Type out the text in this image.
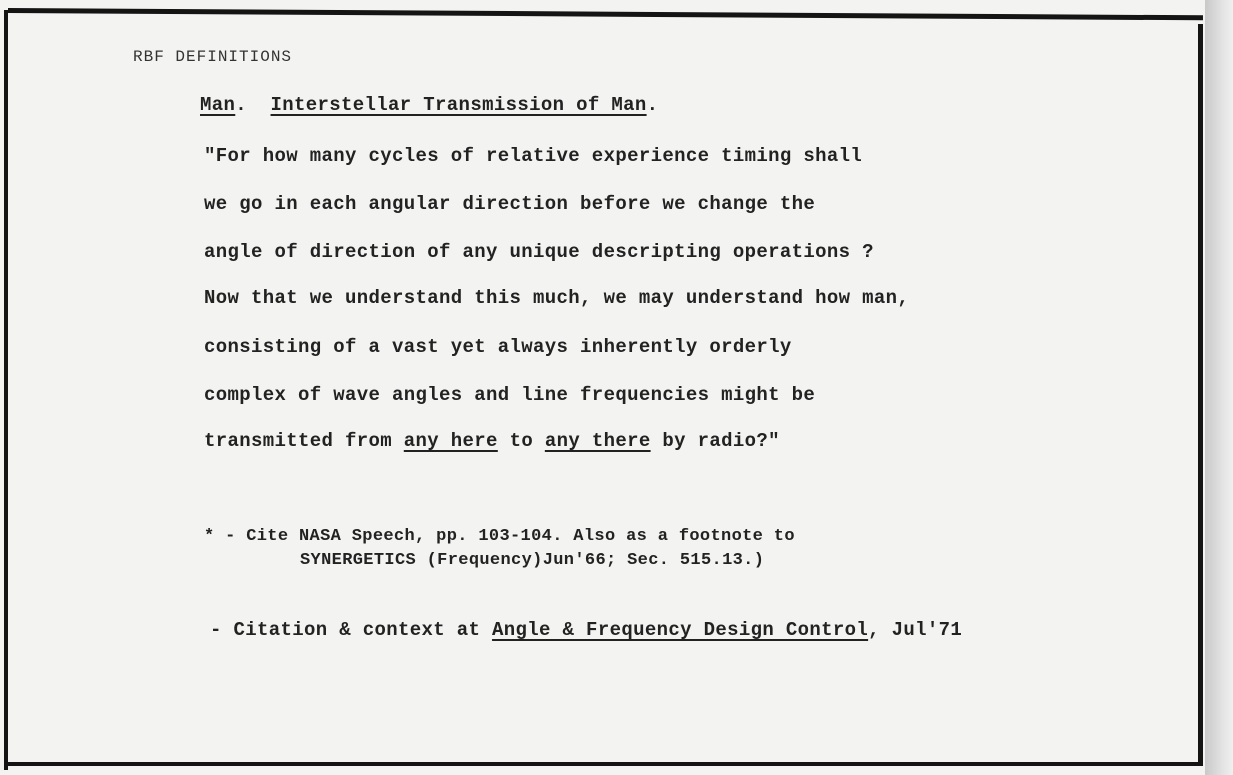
RBF DEFINITIONS
Man.  Interstellar Transmission of Man.
"For how many cycles of relative experience timing shall
we go in each angular direction before we change the
angle of direction of any unique descripting operations ?
Now that we understand this much, we may understand how man,
consisting of a vast yet always inherently orderly
complex of wave angles and line frequencies might be
transmitted from any here to any there by radio?"
* - Cite NASA Speech, pp. 103-104. Also as a footnote to
SYNERGETICS (Frequency)Jun'66; Sec. 515.13.)
- Citation & context at Angle & Frequency Design Control, Jul'71
